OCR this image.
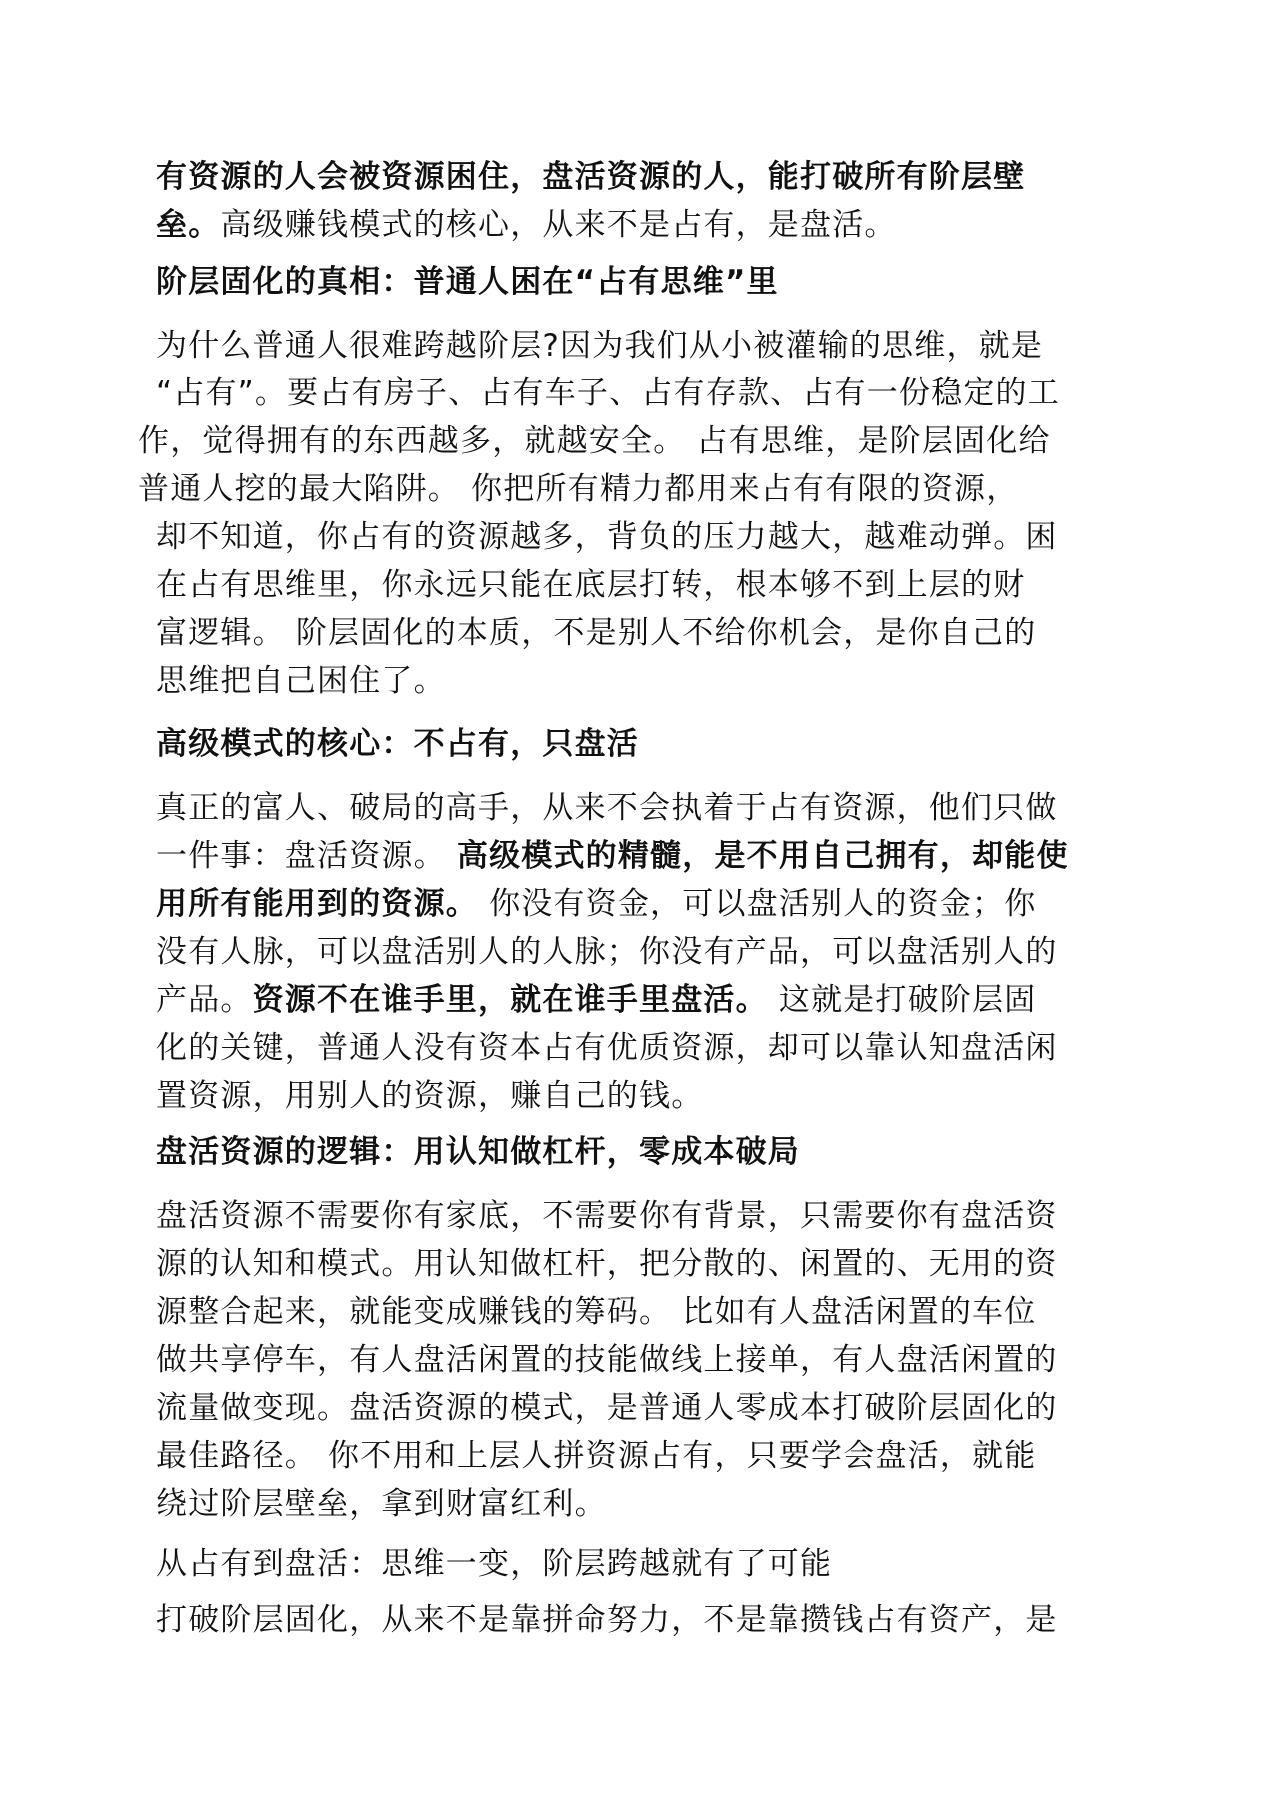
有资源的人会被资源困住，盘活资源的人，能打破所有阶层壁
垒。高级赚钱模式的核心，从来不是占有，是盘活。
阶层固化的真相：普通人困在“占有思维”里
为什么普通人很难跨越阶层?因为我们从小被灌输的思维，就是
“占有”。要占有房子、占有车子、占有存款、占有一份稳定的工
作，觉得拥有的东西越多，就越安全。 占有思维，是阶层固化给
普通人挖的最大陷阱。 你把所有精力都用来占有有限的资源，
却不知道，你占有的资源越多，背负的压力越大，越难动弹。困
在占有思维里，你永远只能在底层打转，根本够不到上层的财
富逻辑。 阶层固化的本质，不是别人不给你机会，是你自己的
思维把自己困住了。
高级模式的核心：不占有，只盘活
真正的富人、破局的高手，从来不会执着于占有资源，他们只做
一件事：盘活资源。 高级模式的精髓，是不用自己拥有，却能使
用所有能用到的资源。 你没有资金，可以盘活别人的资金；你
没有人脉，可以盘活别人的人脉；你没有产品，可以盘活别人的
产品。资源不在谁手里，就在谁手里盘活。 这就是打破阶层固
化的关键，普通人没有资本占有优质资源，却可以靠认知盘活闲
置资源，用别人的资源，赚自己的钱。
盘活资源的逻辑：用认知做杠杆，零成本破局
盘活资源不需要你有家底，不需要你有背景，只需要你有盘活资
源的认知和模式。用认知做杠杆，把分散的、闲置的、无用的资
源整合起来，就能变成赚钱的筹码。 比如有人盘活闲置的车位
做共享停车，有人盘活闲置的技能做线上接单，有人盘活闲置的
流量做变现。盘活资源的模式，是普通人零成本打破阶层固化的
最佳路径。 你不用和上层人拼资源占有，只要学会盘活，就能
绕过阶层壁垒，拿到财富红利。
从占有到盘活：思维一变，阶层跨越就有了可能
打破阶层固化，从来不是靠拼命努力，不是靠攒钱占有资产，是
